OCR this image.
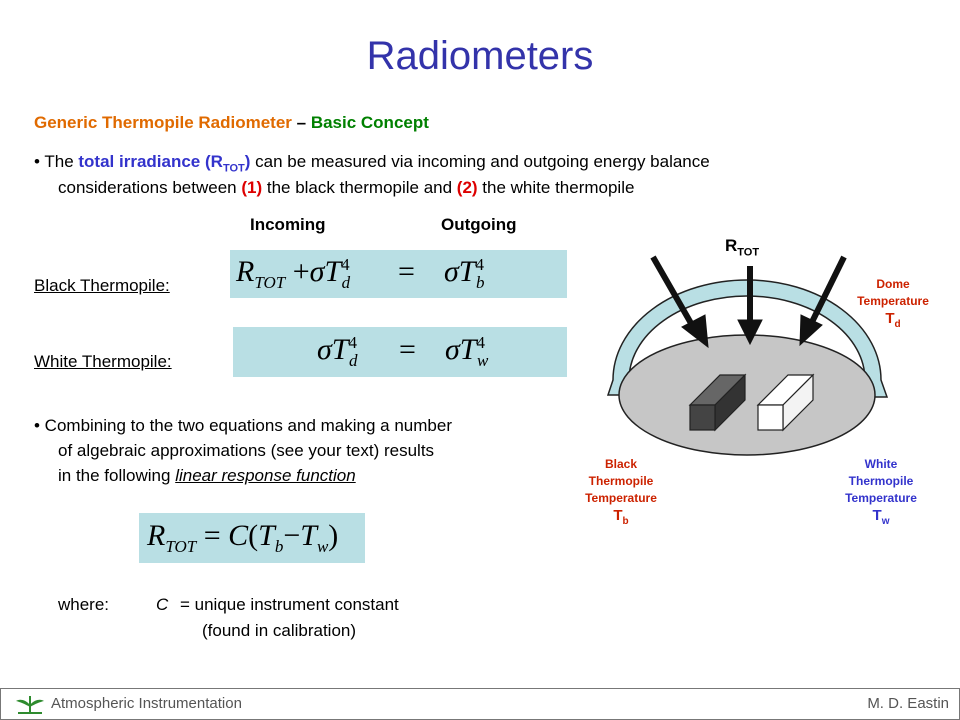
Radiometers
Generic Thermopile Radiometer – Basic Concept
• The total irradiance $(R_{TOT})$ can be measured via incoming and outgoing energy balance
considerations between (1) the black thermopile and (2) the white thermopile
Incoming	Outgoing
Black Thermopile:
White Thermopile:
$R_{TOT} +\sigma T^4_d = \sigma T^4_b$
$\sigma T^4_d = \sigma T^4_w$
• Combining to the two equations and making a number
of algebraic approximations (see your text) results
in the following linear response function
$R_{TOT} = C(T_b-T_w)$
where:	C = unique instrument constant
(found in calibration)
$R_{TOT}$
Dome
Temperature
$T_d$
Black
Thermopile
Temperature
$T_b$
White
Thermopile
Temperature
$T_w$
Atmospheric Instrumentation	M. D. Eastin
